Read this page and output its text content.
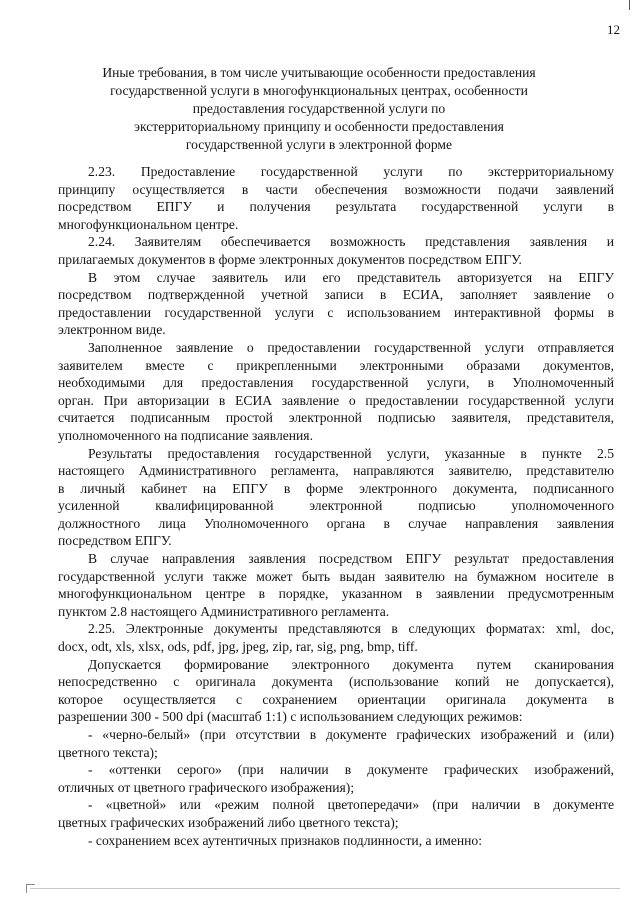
12
Иные требования, в том числе учитывающие особенности предоставления
государственной услуги в многофункциональных центрах, особенности
предоставления государственной услуги по
экстерриториальному принципу и особенности предоставления
государственной услуги в электронной форме
2.23. Предоставление государственной услуги по экстерриториальному
принципу осуществляется в части обеспечения возможности подачи заявлений
посредством ЕПГУ и получения результата государственной услуги в
многофункциональном центре.
2.24. Заявителям обеспечивается возможность представления заявления и
прилагаемых документов в форме электронных документов посредством ЕПГУ.
В этом случае заявитель или его представитель авторизуется на ЕПГУ
посредством подтвержденной учетной записи в ЕСИА, заполняет заявление о
предоставлении государственной услуги с использованием интерактивной формы в
электронном виде.
Заполненное заявление о предоставлении государственной услуги отправляется
заявителем вместе с прикрепленными электронными образами документов,
необходимыми для предоставления государственной услуги, в Уполномоченный
орган. При авторизации в ЕСИА заявление о предоставлении государственной услуги
считается подписанным простой электронной подписью заявителя, представителя,
уполномоченного на подписание заявления.
Результаты предоставления государственной услуги, указанные в пункте 2.5
настоящего Административного регламента, направляются заявителю, представителю
в личный кабинет на ЕПГУ в форме электронного документа, подписанного
усиленной квалифицированной электронной подписью уполномоченного
должностного лица Уполномоченного органа в случае направления заявления
посредством ЕПГУ.
В случае направления заявления посредством ЕПГУ результат предоставления
государственной услуги также может быть выдан заявителю на бумажном носителе в
многофункциональном центре в порядке, указанном в заявлении предусмотренным
пунктом 2.8 настоящего Административного регламента.
2.25. Электронные документы представляются в следующих форматах: xml, doc,
docx, odt, xls, xlsx, ods, pdf, jpg, jpeg, zip, rar, sig, png, bmp, tiff.
Допускается формирование электронного документа путем сканирования
непосредственно с оригинала документа (использование копий не допускается),
которое осуществляется с сохранением ориентации оригинала документа в
разрешении 300 - 500 dpi (масштаб 1:1) с использованием следующих режимов:
- «черно-белый» (при отсутствии в документе графических изображений и (или)
цветного текста);
- «оттенки серого» (при наличии в документе графических изображений,
отличных от цветного графического изображения);
- «цветной» или «режим полной цветопередачи» (при наличии в документе
цветных графических изображений либо цветного текста);
- сохранением всех аутентичных признаков подлинности, а именно:
